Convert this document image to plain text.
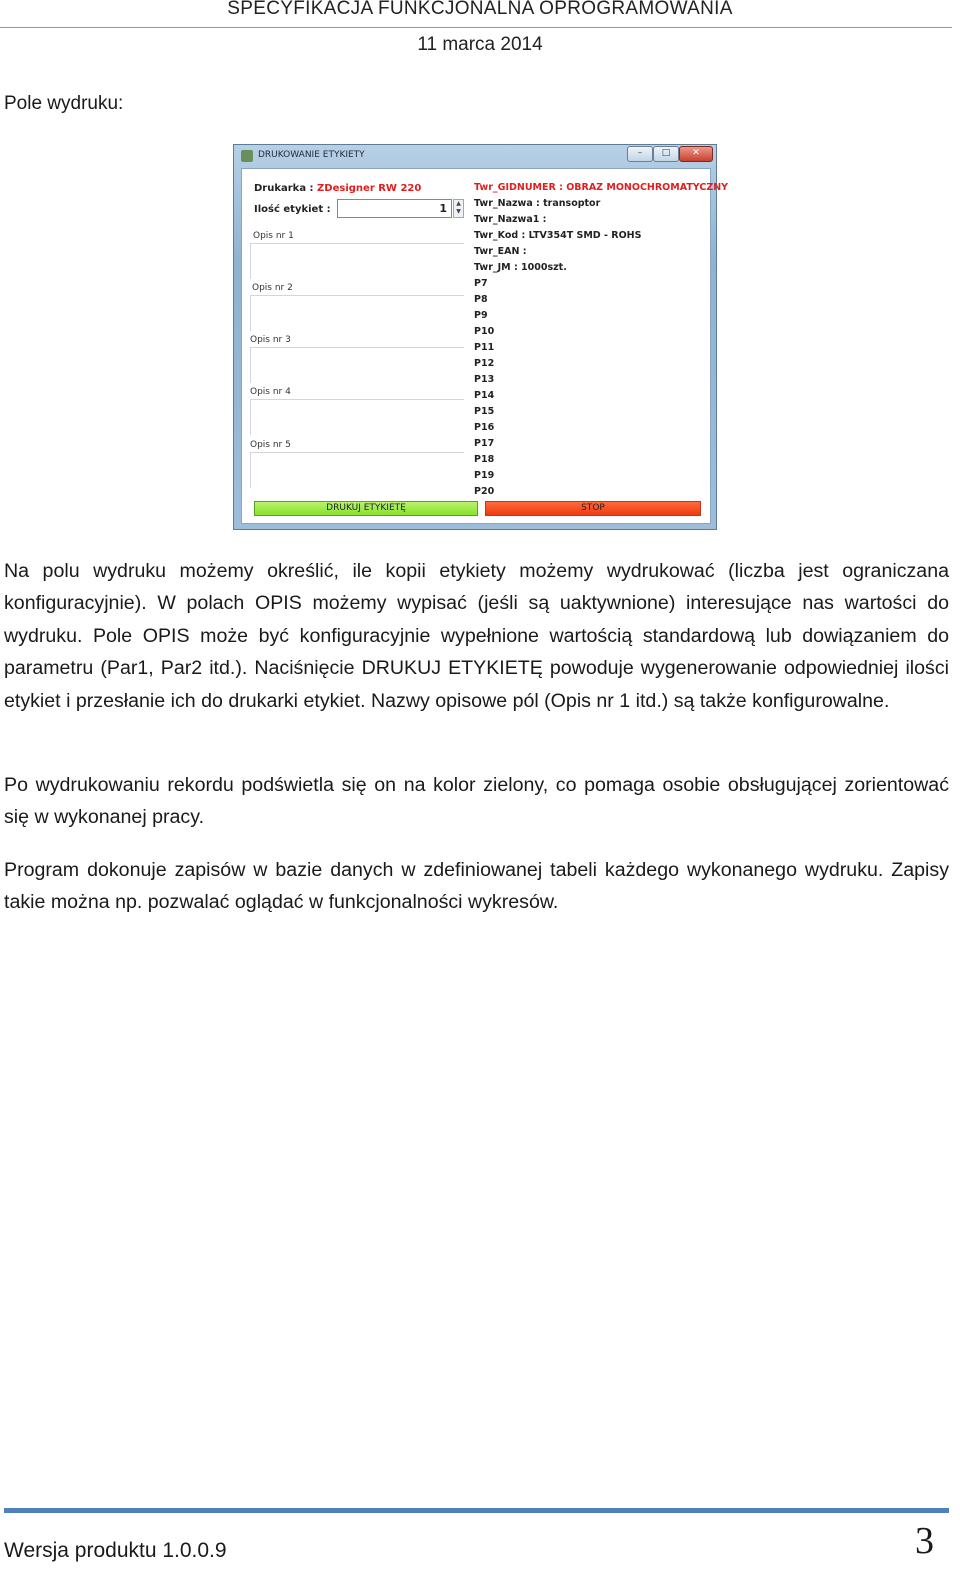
SPECYFIKACJA FUNKCJONALNA OPROGRAMOWANIA
11 marca 2014
Pole wydruku:
DRUKOWANIE ETYKIETY	–	□	✕
Drukarka : ZDesigner RW 220
Ilość etykiet :	1	▲
▼
Opis nr 1
Opis nr 2
Opis nr 3
Opis nr 4
Opis nr 5
Twr_GIDNUMER : OBRAZ MONOCHROMATYCZNY
Twr_Nazwa : transoptor
Twr_Nazwa1 :
Twr_Kod : LTV354T SMD - ROHS
Twr_EAN :
Twr_JM : 1000szt.
P7
P8
P9
P10
P11
P12
P13
P14
P15
P16
P17
P18
P19
P20
DRUKUJ ETYKIETĘ	STOP
Na polu wydruku możemy określić, ile kopii etykiety możemy wydrukować (liczba jest ograniczana konfiguracyjnie). W polach OPIS możemy wypisać (jeśli są uaktywnione) interesujące nas wartości do wydruku. Pole OPIS może być konfiguracyjnie wypełnione wartością standardową lub dowiązaniem do parametru (Par1, Par2 itd.). Naciśnięcie DRUKUJ ETYKIETĘ powoduje wygenerowanie odpowiedniej ilości etykiet i przesłanie ich do drukarki etykiet. Nazwy opisowe pól (Opis nr 1 itd.) są także konfigurowalne.
Po wydrukowaniu rekordu podświetla się on na kolor zielony, co pomaga osobie obsługującej zorientować się w wykonanej pracy.
Program dokonuje zapisów w bazie danych w zdefiniowanej tabeli każdego wykonanego wydruku. Zapisy takie można np. pozwalać oglądać w funkcjonalności wykresów.
Wersja produktu 1.0.0.9	3
